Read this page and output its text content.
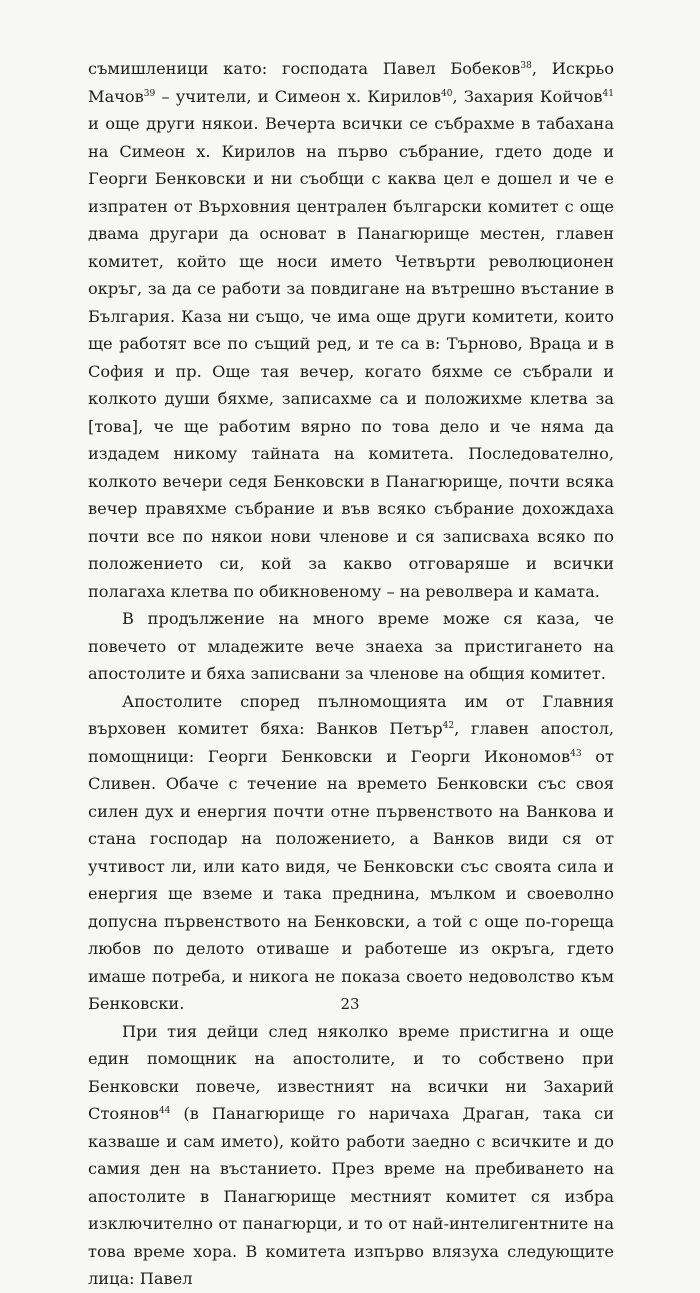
съмишленици като: господата Павел Бобеков$^{38}$, Искрьо Мачов$^{39}$ – учители, и Симеон х. Кирилов$^{40}$, Захария Койчов$^{41}$ и още други някои. Вечерта всички се събрахме в табахана на Симеон х. Кирилов на първо събрание, гдето доде и Георги Бенковски и ни съобщи с каква цел е дошел и че е изпратен от Върховния централен български комитет с още двама другари да основат в Панагюрище местен, главен комитет, който ще носи името Четвърти революционен окръг, за да се работи за повдигане на вътрешно въстание в България. Каза ни също, че има още други комитети, които ще работят все по същий ред, и те са в: Търново, Враца и в София и пр. Още тая вечер, когато бяхме се събрали и колкото души бяхме, записахме са и положихме клетва за [това], че ще работим вярно по това дело и че няма да издадем никому тайната на комитета. Последователно, колкото вечери седя Бенковски в Панагюрище, почти всяка вечер правяхме събрание и във всяко събрание дохождаха почти все по някои нови членове и ся записваха всяко по положението си, кой за какво отговаряше и всички полагаха клетва по обикновеному – на револвера и камата.

В продължение на много време може ся каза, че повечето от младежите вече знаеха за пристигането на апостолите и бяха записвани за членове на общия комитет.

Апостолите според пълномощията им от Главния върховен комитет бяха: Ванков Петър$^{42}$, главен апостол, помощници: Георги Бенковски и Георги Икономов$^{43}$ от Сливен. Обаче с течение на времето Бенковски със своя силен дух и енергия почти отне първенството на Ванкова и стана господар на положението, а Ванков види ся от учтивост ли, или като видя, че Бенковски със своята сила и енергия ще вземе и така преднина, мълком и своеволно допусна първенството на Бенковски, а той с още по-гореща любов по делото отиваше и работеше из окръга, гдето имаше потреба, и никога не показа своето недоволство към Бенковски.

При тия дейци след няколко време пристигна и още един помощник на апостолите, и то собствено при Бенковски повече, известният на всички ни Захарий Стоянов$^{44}$ (в Панагюрище го наричаха Драган, така си казваше и сам името), който работи заедно с всичките и до самия ден на въстанието. През време на пребиването на апостолите в Панагюрище местният комитет ся избра изключително от панагюрци, и то от най-интелигентните на това време хора. В комитета изпърво влязуха следующите лица: Павел

23
